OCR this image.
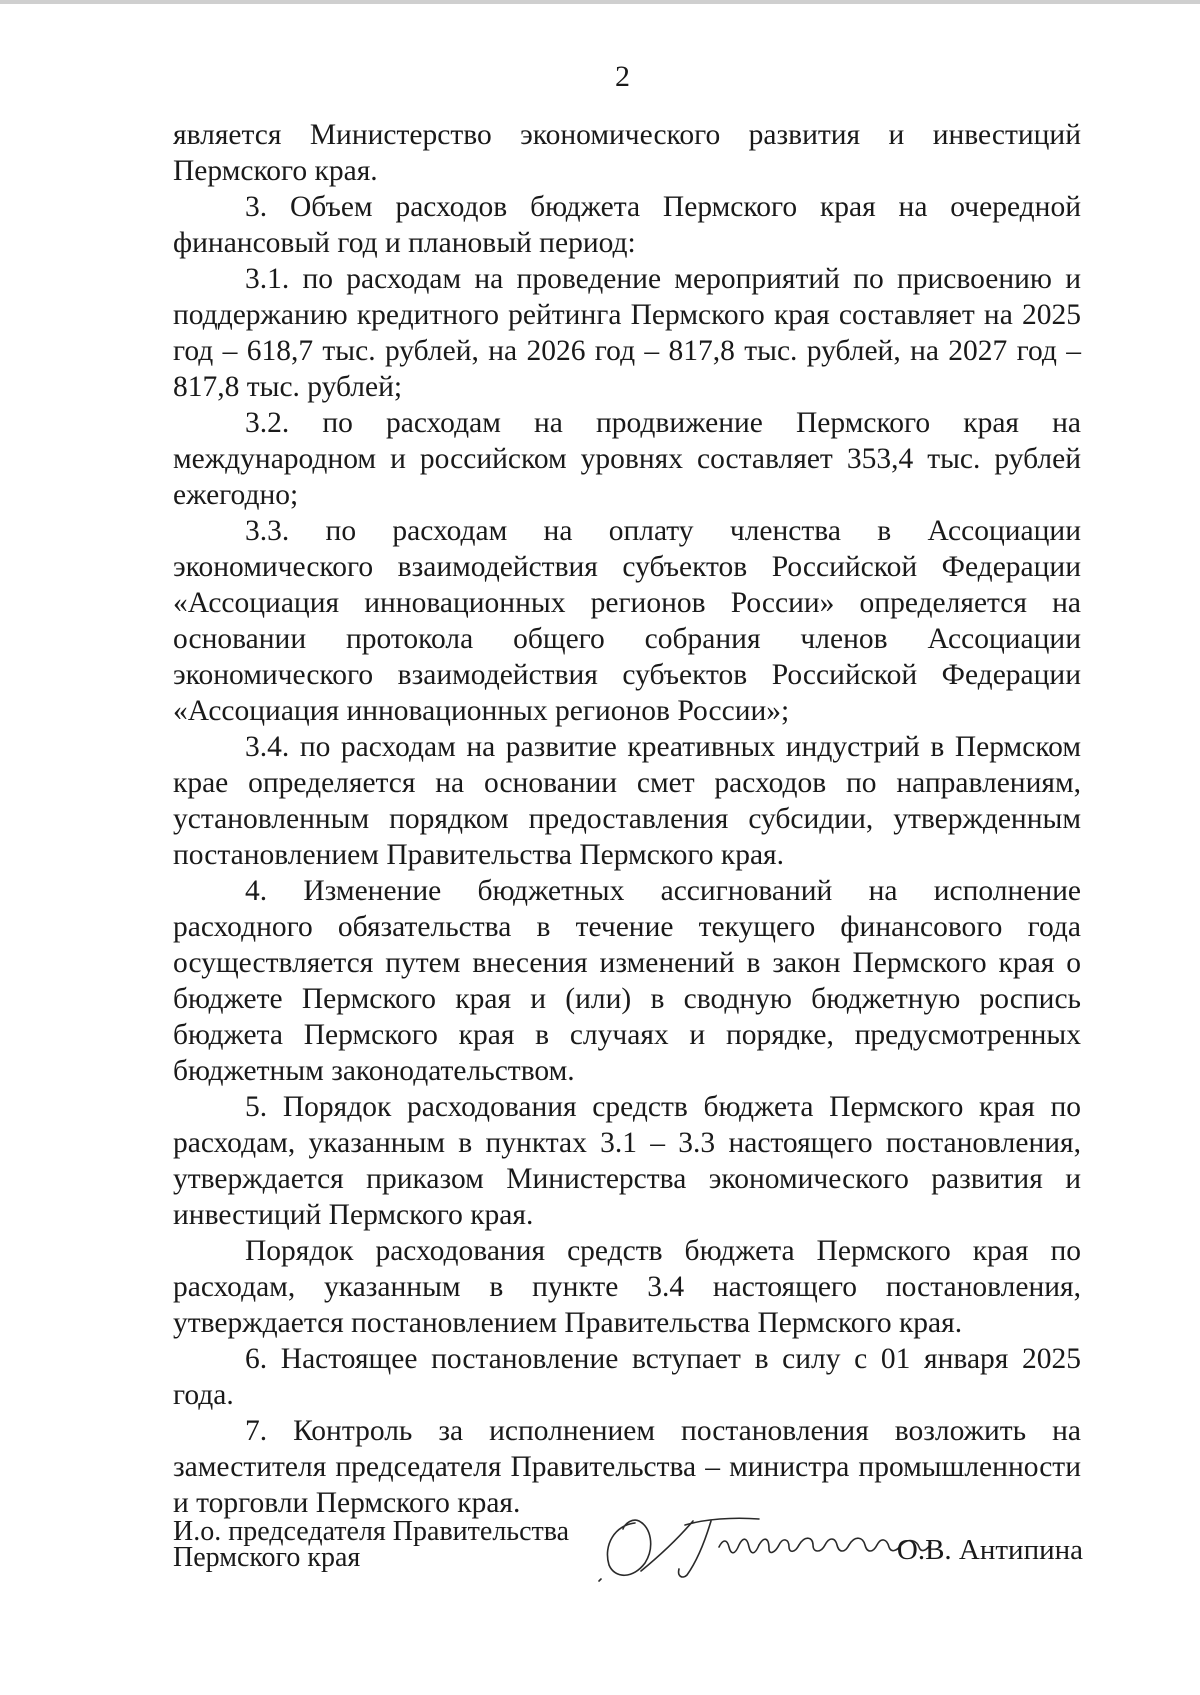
2

является Министерство экономического развития и инвестиций Пермского края.

3. Объем расходов бюджета Пермского края на очередной финансовый год и плановый период:

3.1. по расходам на проведение мероприятий по присвоению и поддержанию кредитного рейтинга Пермского края составляет на 2025 год – 618,7 тыс. рублей, на 2026 год – 817,8 тыс. рублей, на 2027 год – 817,8 тыс. рублей;

3.2. по расходам на продвижение Пермского края на международном и российском уровнях составляет 353,4 тыс. рублей ежегодно;

3.3. по расходам на оплату членства в Ассоциации экономического взаимодействия субъектов Российской Федерации «Ассоциация инновационных регионов России» определяется на основании протокола общего собрания членов Ассоциации экономического взаимодействия субъектов Российской Федерации «Ассоциация инновационных регионов России»;

3.4. по расходам на развитие креативных индустрий в Пермском крае определяется на основании смет расходов по направлениям, установленным порядком предоставления субсидии, утвержденным постановлением Правительства Пермского края.

4. Изменение бюджетных ассигнований на исполнение расходного обязательства в течение текущего финансового года осуществляется путем внесения изменений в закон Пермского края о бюджете Пермского края и (или) в сводную бюджетную роспись бюджета Пермского края в случаях и порядке, предусмотренных бюджетным законодательством.

5. Порядок расходования средств бюджета Пермского края по расходам, указанным в пунктах 3.1 – 3.3 настоящего постановления, утверждается приказом Министерства экономического развития и инвестиций Пермского края.

Порядок расходования средств бюджета Пермского края по расходам, указанным в пункте 3.4 настоящего постановления, утверждается постановлением Правительства Пермского края.

6. Настоящее постановление вступает в силу с 01 января 2025 года.

7. Контроль за исполнением постановления возложить на заместителя председателя Правительства – министра промышленности и торговли Пермского края.

И.о. председателя Правительства
Пермского края	О.В. Антипина
